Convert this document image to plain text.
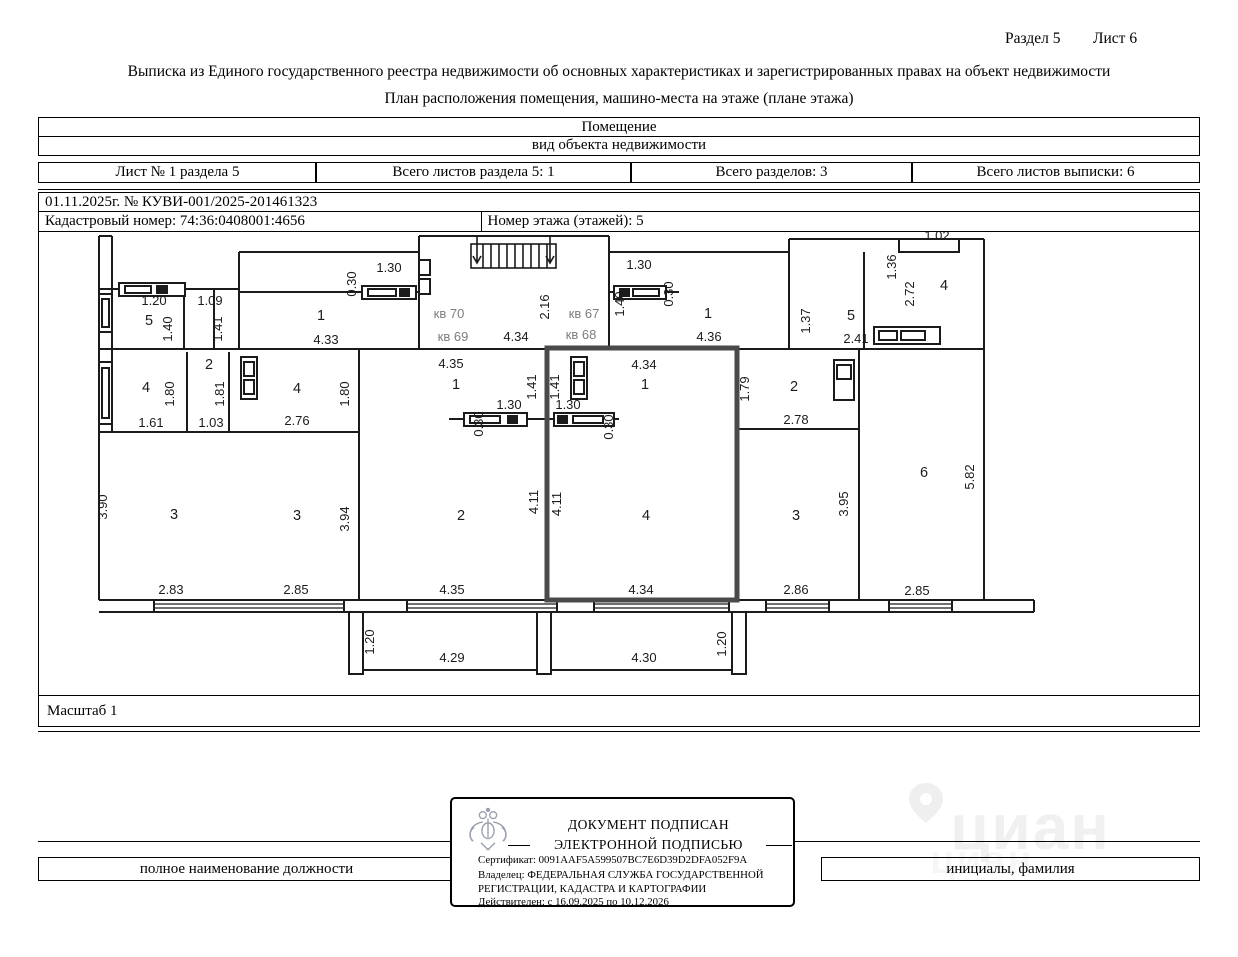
Раздел 5 Лист 6
Выписка из Единого государственного реестра недвижимости об основных характеристиках и зарегистрированных правах на объект недвижимости
План расположения помещения, машино-места на этаже (плане этажа)
Помещение
вид объекта недвижимости
Лист № 1 раздела 5	Всего листов раздела 5: 1	Всего разделов: 3	Всего листов выписки: 6
01.11.2025г. № КУВИ-001/2025-201461323
Кадастровый номер: 74:36:0408001:4656	Номер этажа (этажей): 5
1.20 1.09
5 1.40	1.41
1
4.33
0.30
1.30
кв 70
кв 69
2.16 кв 67
кв 68
4.34
1.40
1.30
0.30
1
4.36
1.37 5
2.41
1.36
2.72 4
1.02
2
4 1.80	1.81
1.61	1.03
4
2.76
1.80
4.35
1	1.41 1.41
4.34
1
1.30
0.30
1.30
0.30
1.79	2
2.78
3.90	3
2.83
3	3.94
2.85
2
4.11 4.11
4.35
4
4.34
3	3.95
2.86
6	5.82
2.85
1.20
4.29	4.30
1.20
Масштаб 1
циан
полное наименование должности	инициалы, фамилия
ДОКУМЕНТ ПОДПИСАН
ЭЛЕКТРОННОЙ ПОДПИСЬЮ
Сертификат: 0091AAF5A599507BC7E6D39D2DFA052F9A
Владелец: ФЕДЕРАЛЬНАЯ СЛУЖБА ГОСУДАРСТВЕННОЙ
РЕГИСТРАЦИИ, КАДАСТРА И КАРТОГРАФИИ
Действителен: с 16.09.2025 по 10.12.2026
